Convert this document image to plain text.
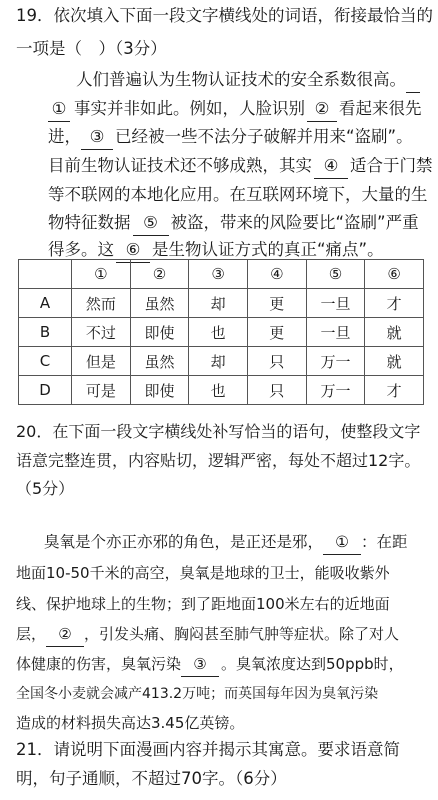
19．依次填入下面一段文字横线处的词语，衔接最恰当的
一项是（　）（3分）
人们普遍认为生物认证技术的安全系数很高。
① 事实并非如此。例如，人脸识别 ② 看起来很先
进， ③ 已经被一些不法分子破解并用来“盗刷”。
目前生物认证技术还不够成熟，其实 ④ 适合于门禁
等不联网的本地化应用。在互联网环境下，大量的生
物特征数据 ⑤ 被盗，带来的风险要比“盗刷”严重
得多。这 ⑥ 是生物认证方式的真正“痛点”。
	①	②	③	④	⑤	⑥
A	然而	虽然	却	更	一旦	才
B	不过	即使	也	更	一旦	就
C	但是	虽然	却	只	万一	就
D	可是	即使	也	只	万一	才
20．在下面一段文字横线处补写恰当的语句，使整段文字
语意完整连贯，内容贴切，逻辑严密，每处不超过12字。
（5分）
臭氧是个亦正亦邪的角色，是正还是邪， ① ：在距
地面10-50千米的高空，臭氧是地球的卫士，能吸收紫外
线、保护地球上的生物；到了距地面100米左右的近地面
层， ② ，引发头痛、胸闷甚至肺气肿等症状。除了对人
体健康的伤害，臭氧污染 ③ 。臭氧浓度达到50ppb时，
全国冬小麦就会减产413.2万吨；而英国每年因为臭氧污染
造成的材料损失高达3.45亿英镑。
21．请说明下面漫画内容并揭示其寓意。要求语意简
明，句子通顺，不超过70字。（6分）
